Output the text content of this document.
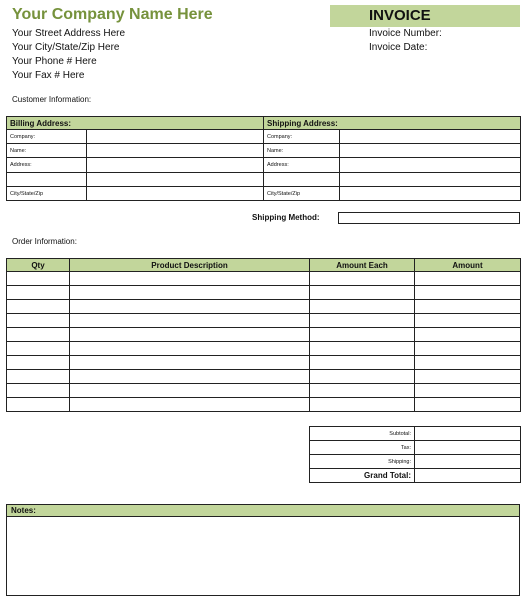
Your Company Name Here
Your Street Address Here
Your City/State/Zip Here
Your Phone # Here
Your Fax # Here
INVOICE
Invoice Number:
Invoice Date:
Customer Information:
Billing Address:		Shipping Address:	
Company:		Company:	
Name:		Name:	
Address:		Address:	

City/State/Zip		City/State/Zip	
Shipping Method:
Order Information:
Qty	Product Description	Amount Each	Amount

Subtotal:	
Tax:	
Shipping:	
Grand Total:	
Notes:
